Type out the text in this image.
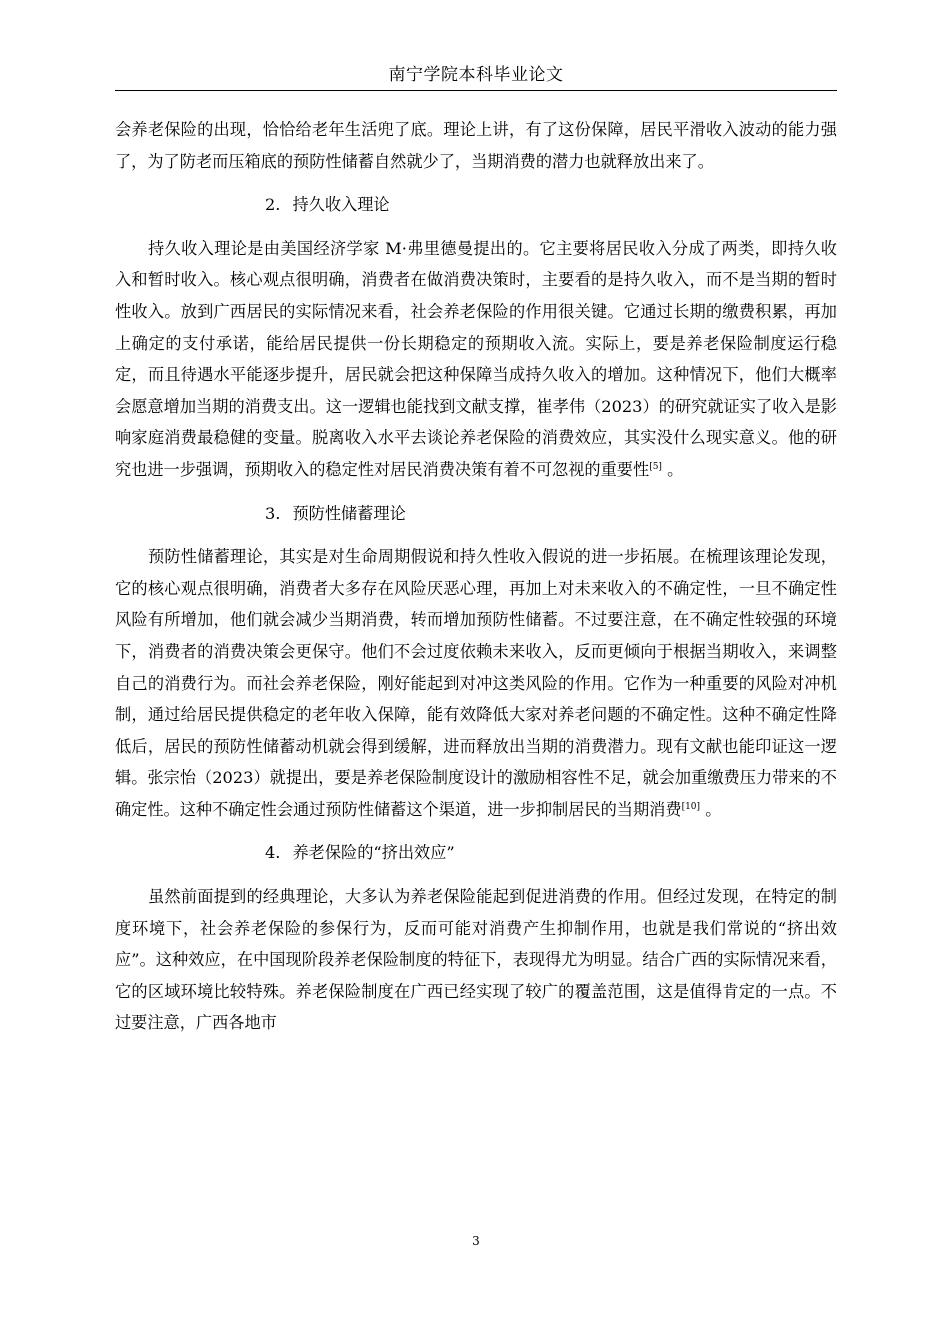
南宁学院本科毕业论文

会养老保险的出现，恰恰给老年生活兜了底。理论上讲，有了这份保障，居民平滑收入波动的能力强了，为了防老而压箱底的预防性储蓄自然就少了，当期消费的潜力也就释放出来了。

2. 持久收入理论

持久收入理论是由美国经济学家 M·弗里德曼提出的。它主要将居民收入分成了两类，即持久收入和暂时收入。核心观点很明确，消费者在做消费决策时，主要看的是持久收入，而不是当期的暂时性收入。放到广西居民的实际情况来看，社会养老保险的作用很关键。它通过长期的缴费积累，再加上确定的支付承诺，能给居民提供一份长期稳定的预期收入流。实际上，要是养老保险制度运行稳定，而且待遇水平能逐步提升，居民就会把这种保障当成持久收入的增加。这种情况下，他们大概率会愿意增加当期的消费支出。这一逻辑也能找到文献支撑，崔孝伟（2023）的研究就证实了收入是影响家庭消费最稳健的变量。脱离收入水平去谈论养老保险的消费效应，其实没什么现实意义。他的研究也进一步强调，预期收入的稳定性对居民消费决策有着不可忽视的重要性[5] 。

3. 预防性储蓄理论

预防性储蓄理论，其实是对生命周期假说和持久性收入假说的进一步拓展。在梳理该理论发现，它的核心观点很明确，消费者大多存在风险厌恶心理，再加上对未来收入的不确定性，一旦不确定性风险有所增加，他们就会减少当期消费，转而增加预防性储蓄。不过要注意，在不确定性较强的环境下，消费者的消费决策会更保守。他们不会过度依赖未来收入，反而更倾向于根据当期收入，来调整自己的消费行为。而社会养老保险，刚好能起到对冲这类风险的作用。它作为一种重要的风险对冲机制，通过给居民提供稳定的老年收入保障，能有效降低大家对养老问题的不确定性。这种不确定性降低后，居民的预防性储蓄动机就会得到缓解，进而释放出当期的消费潜力。现有文献也能印证这一逻辑。张宗怡（2023）就提出，要是养老保险制度设计的激励相容性不足，就会加重缴费压力带来的不确定性。这种不确定性会通过预防性储蓄这个渠道，进一步抑制居民的当期消费[10] 。

4. 养老保险的“挤出效应”

虽然前面提到的经典理论，大多认为养老保险能起到促进消费的作用。但经过发现，在特定的制度环境下，社会养老保险的参保行为，反而可能对消费产生抑制作用，也就是我们常说的“挤出效应”。这种效应，在中国现阶段养老保险制度的特征下，表现得尤为明显。结合广西的实际情况来看，它的区域环境比较特殊。养老保险制度在广西已经实现了较广的覆盖范围，这是值得肯定的一点。不过要注意，广西各地市

3
